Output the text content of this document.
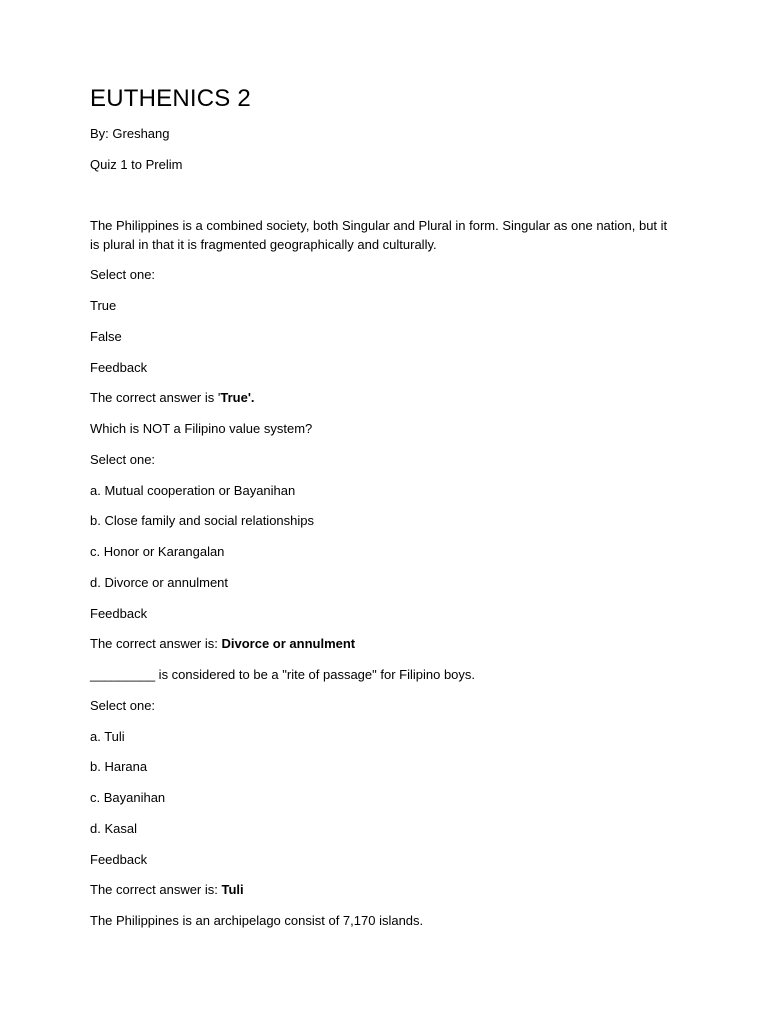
EUTHENICS 2
By: Greshang
Quiz 1 to Prelim
The Philippines is a combined society, both Singular and Plural in form. Singular as one nation, but it is plural in that it is fragmented geographically and culturally.
Select one:
True
False
Feedback
The correct answer is 'True'.
Which is NOT a Filipino value system?
Select one:
a. Mutual cooperation or Bayanihan
b. Close family and social relationships
c. Honor or Karangalan
d. Divorce or annulment
Feedback
The correct answer is: Divorce or annulment
_________ is considered to be a "rite of passage" for Filipino boys.
Select one:
a. Tuli
b. Harana
c. Bayanihan
d. Kasal
Feedback
The correct answer is: Tuli
The Philippines is an archipelago consist of 7,170 islands.
